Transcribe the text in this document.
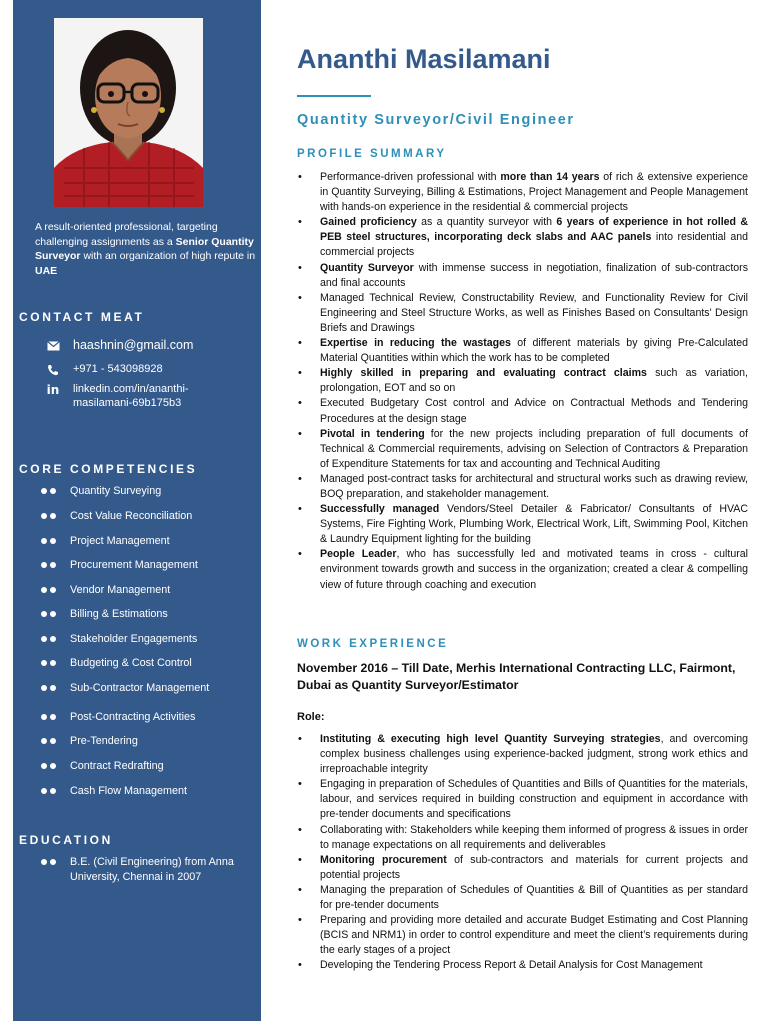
A result-oriented professional, targeting challenging assignments as a Senior Quantity Surveyor with an organization of high repute in UAE
CONTACT MEAT
haashnin@gmail.com
+971 - 543098928
in linkedin.com/in/ananthi-masilamani-69b175b3
CORE COMPETENCIES
Quantity Surveying
Cost Value Reconciliation
Project Management
Procurement Management
Vendor Management
Billing & Estimations
Stakeholder Engagements
Budgeting & Cost Control
Sub-Contractor Management
Post-Contracting Activities
Pre-Tendering
Contract Redrafting
Cash Flow Management
EDUCATION
B.E. (Civil Engineering) from Anna University, Chennai in 2007
Ananthi Masilamani
Quantity Surveyor/Civil Engineer
PROFILE SUMMARY
• Performance-driven professional with more than 14 years of rich & extensive experience in Quantity Surveying, Billing & Estimations, Project Management and People Management with hands-on experience in the residential & commercial projects
• Gained proficiency as a quantity surveyor with 6 years of experience in hot rolled & PEB steel structures, incorporating deck slabs and AAC panels into residential and commercial projects
• Quantity Surveyor with immense success in negotiation, finalization of sub-contractors and final accounts
• Managed Technical Review, Constructability Review, and Functionality Review for Civil Engineering and Steel Structure Works, as well as Finishes Based on Consultants' Design Briefs and Drawings
• Expertise in reducing the wastages of different materials by giving Pre-Calculated Material Quantities within which the work has to be completed
• Highly skilled in preparing and evaluating contract claims such as variation, prolongation, EOT and so on
• Executed Budgetary Cost control and Advice on Contractual Methods and Tendering Procedures at the design stage
• Pivotal in tendering for the new projects including preparation of full documents of Technical & Commercial requirements, advising on Selection of Contractors & Preparation of Expenditure Statements for tax and accounting and Technical Auditing
• Managed post-contract tasks for architectural and structural works such as drawing review, BOQ preparation, and stakeholder management.
• Successfully managed Vendors/Steel Detailer & Fabricator/ Consultants of HVAC Systems, Fire Fighting Work, Plumbing Work, Electrical Work, Lift, Swimming Pool, Kitchen & Laundry Equipment lighting for the building
• People Leader, who has successfully led and motivated teams in cross - cultural environment towards growth and success in the organization; created a clear & compelling view of future through coaching and execution
WORK EXPERIENCE
November 2016 – Till Date, Merhis International Contracting LLC, Fairmont, Dubai as Quantity Surveyor/Estimator
Role:
• Instituting & executing high level Quantity Surveying strategies, and overcoming complex business challenges using experience-backed judgment, strong work ethics and irreproachable integrity
• Engaging in preparation of Schedules of Quantities and Bills of Quantities for the materials, labour, and services required in building construction and equipment in accordance with pre-tender documents and specifications
• Collaborating with: Stakeholders while keeping them informed of progress & issues in order to manage expectations on all requirements and deliverables
• Monitoring procurement of sub-contractors and materials for current projects and potential projects
• Managing the preparation of Schedules of Quantities & Bill of Quantities as per standard for pre-tender documents
• Preparing and providing more detailed and accurate Budget Estimating and Cost Planning (BCIS and NRM1) in order to control expenditure and meet the client’s requirements during the early stages of a project
• Developing the Tendering Process Report & Detail Analysis for Cost Management
